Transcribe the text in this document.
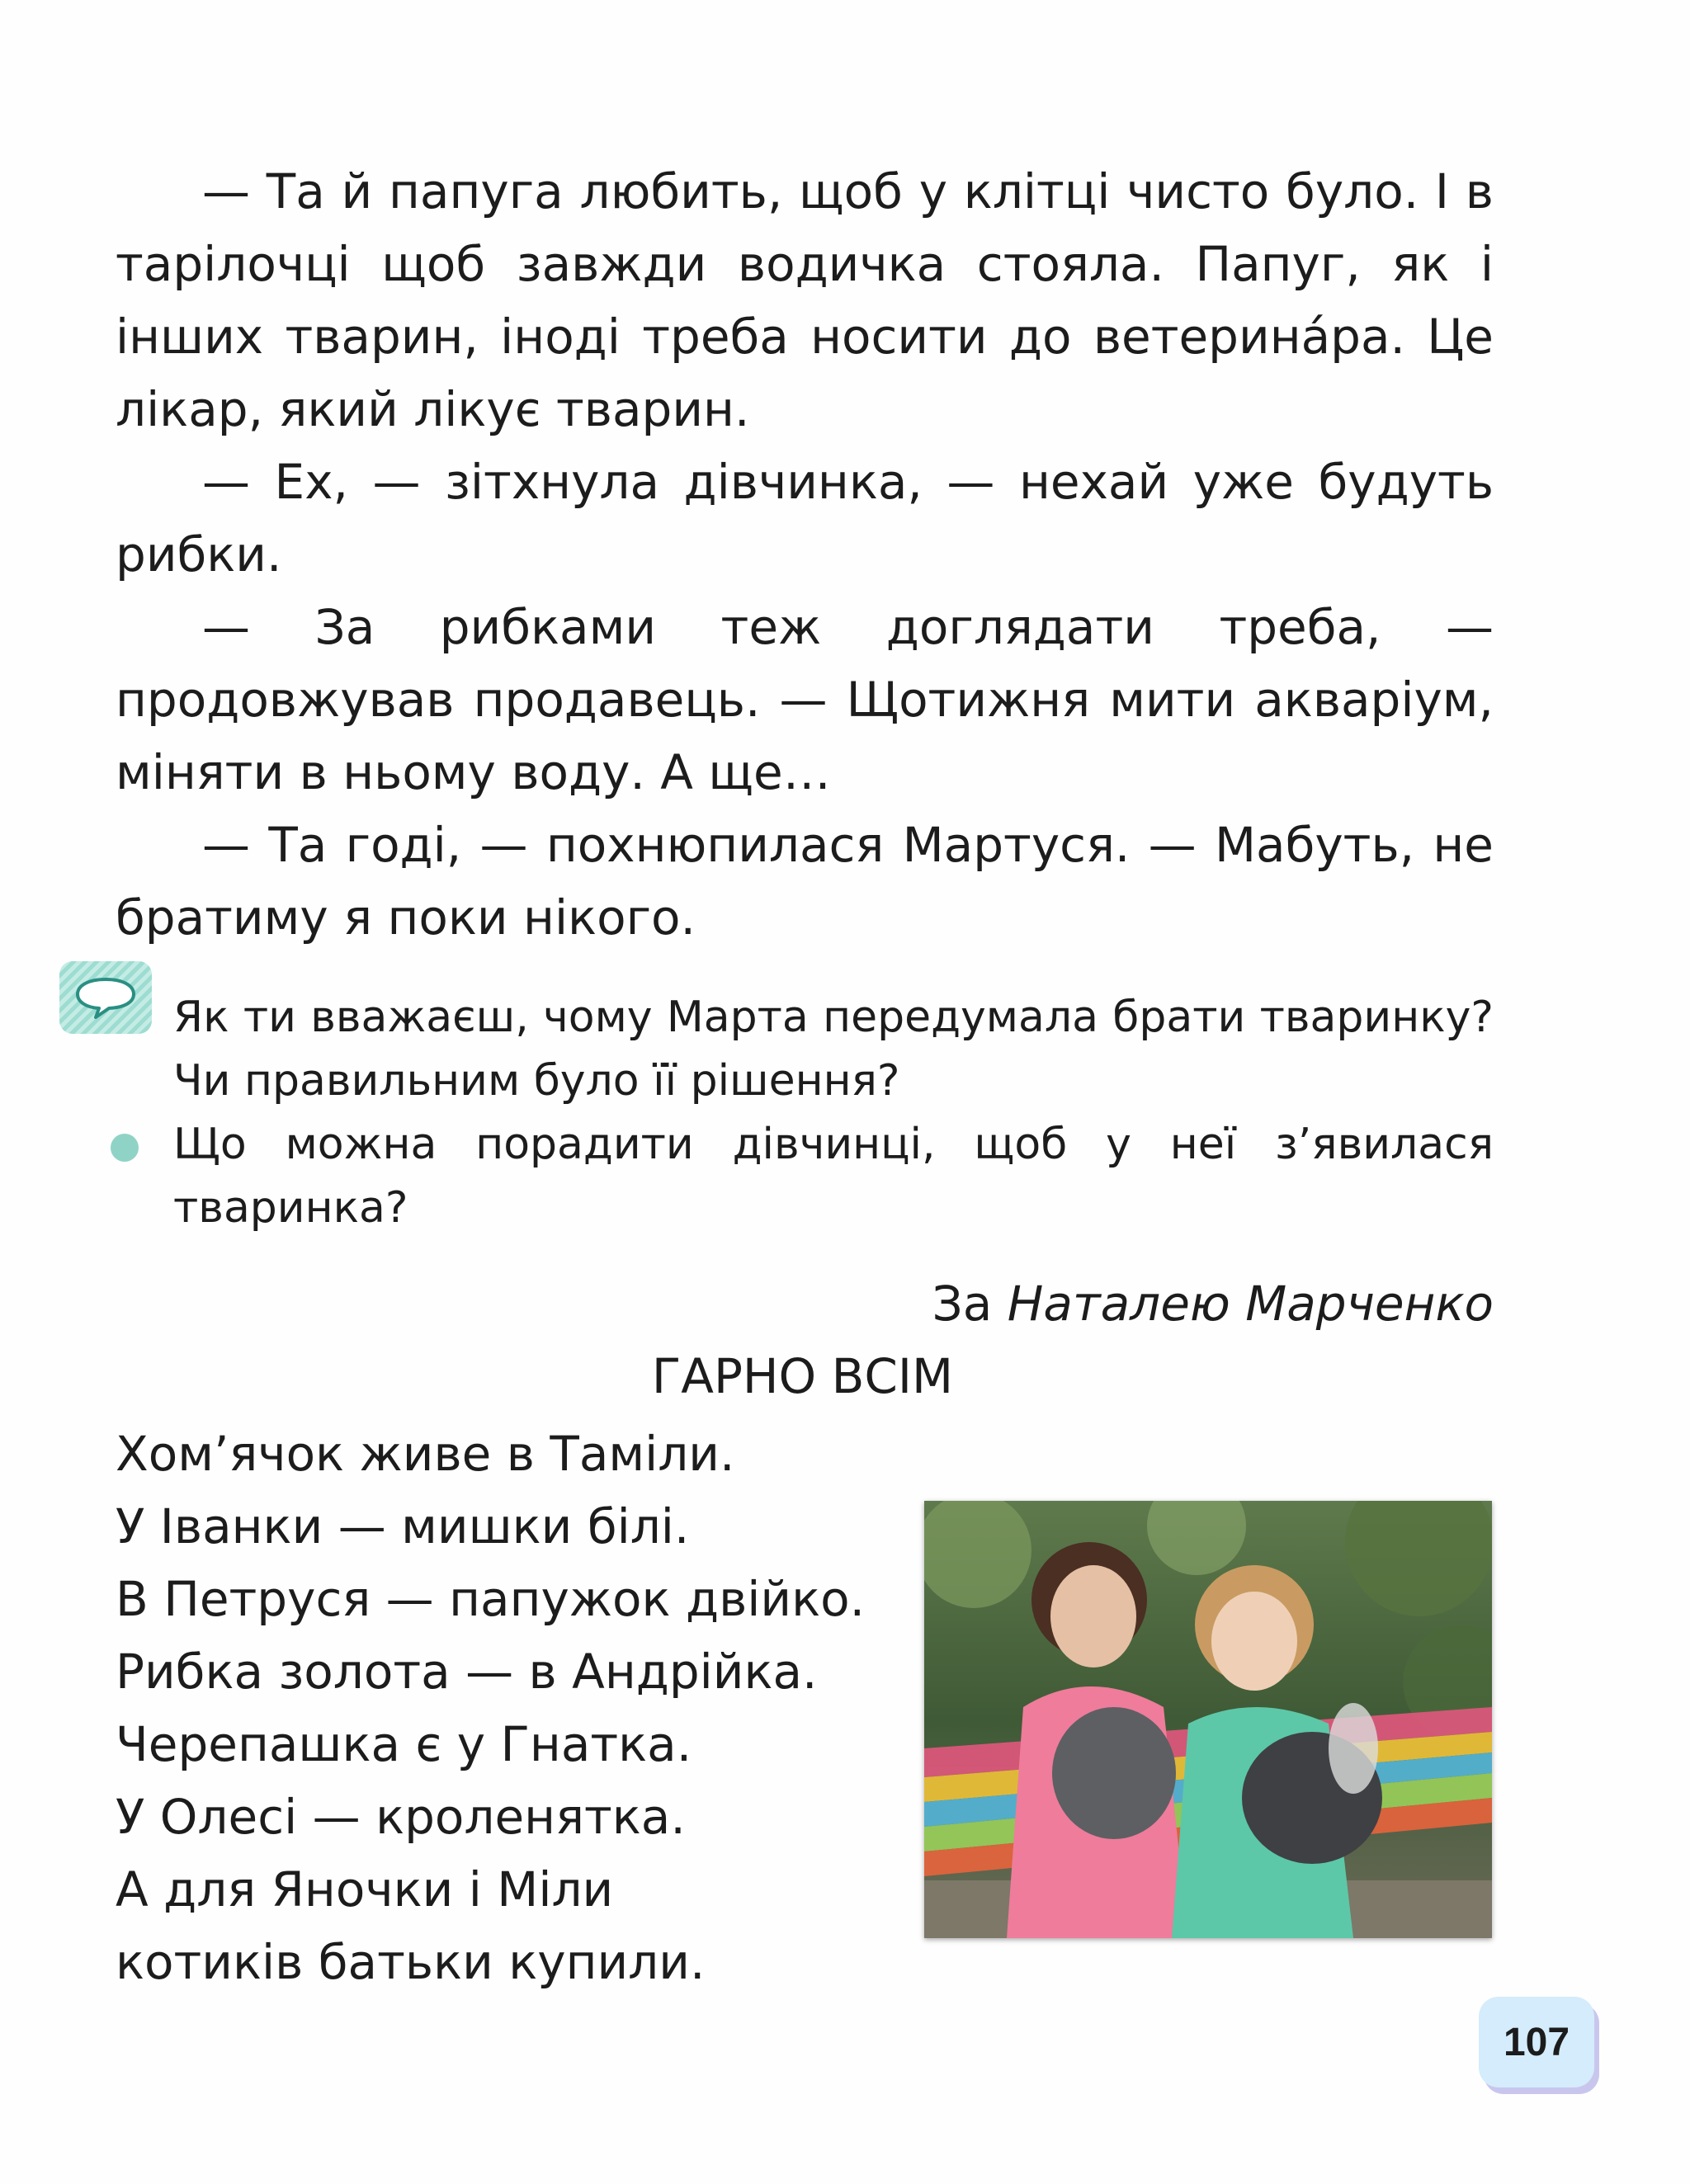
— Та й папуга любить, щоб у клітці чисто було. І в тарілочці щоб завжди водичка стояла. Папуг, як і інших тварин, іноді треба носити до ветерина́ра. Це лікар, який лікує тварин.

— Ех, — зітхнула дівчинка, — нехай уже будуть рибки.

— За рибками теж доглядати треба, — продовжував продавець. — Щотижня мити акваріум, міняти в ньому воду. А ще…

— Та годі, — похнюпилася Мартуся. — Мабуть, не братиму я поки нікого.

Як ти вважаєш, чому Марта передумала брати тваринку? Чи правильним було її рішення?
Що можна порадити дівчинці, щоб у неї з’явилася тваринка?
За Наталею Марченко
ГАРНО ВСІМ
Хом’ячок живе в Таміли.
У Іванки — мишки білі.
В Петруся — папужок двійко.
Рибка золота — в Андрійка.
Черепашка є у Гнатка.
У Олесі — кроленятка.
А для Яночки і Міли
котиків батьки купили.
107
